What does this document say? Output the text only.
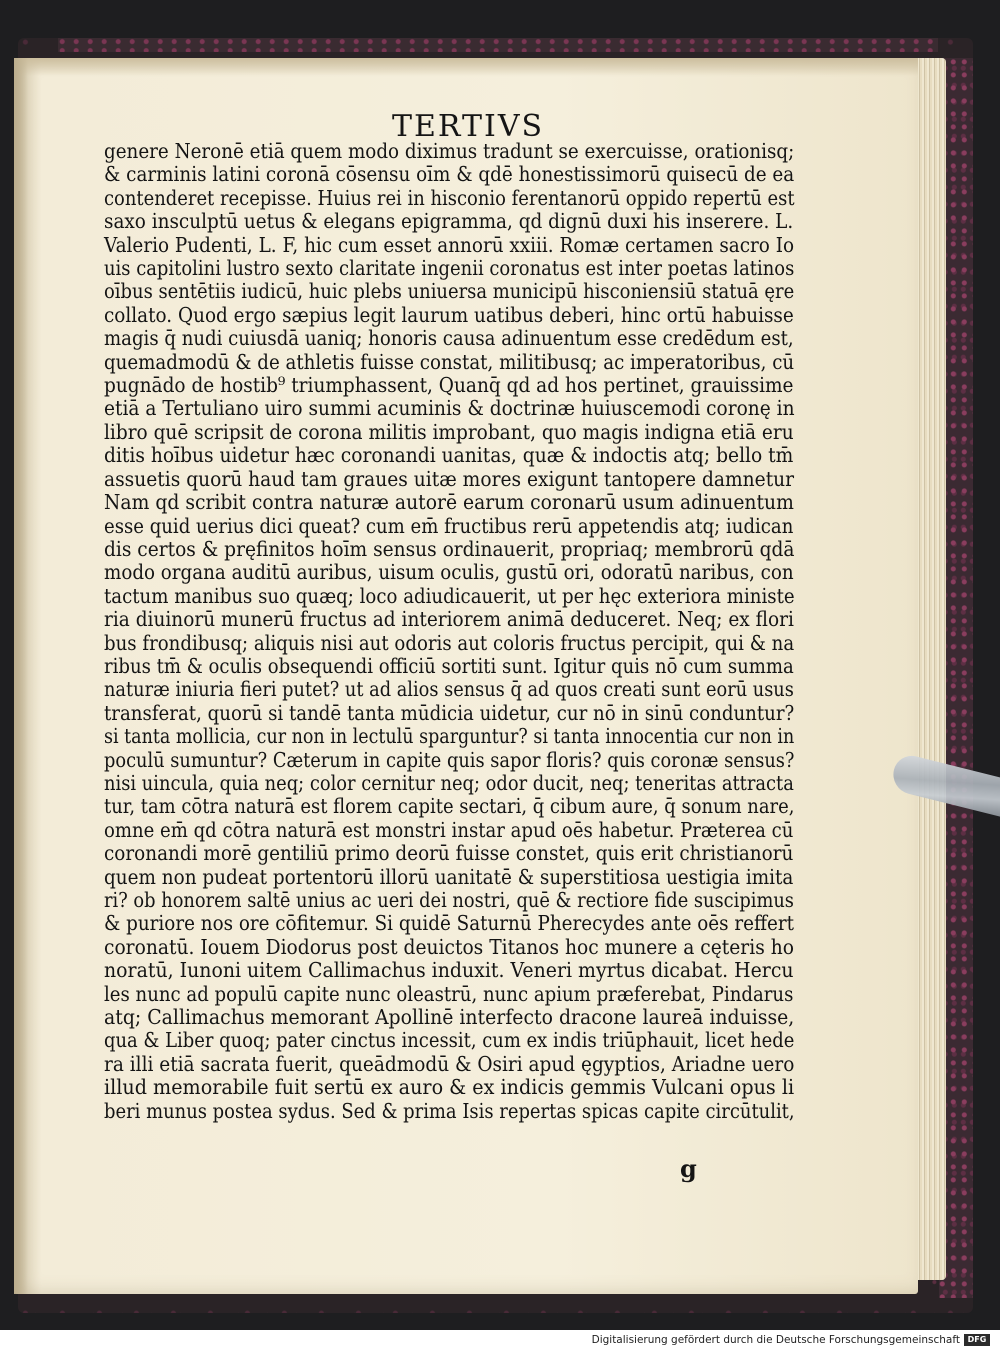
TERTIVS
genere Neronē etiā quem modo diximus tradunt se exercuisse, orationisq;
& carminis latini coronā cōsensu oīm & qdē honestissimorū quisecū de ea
contenderet recepisse. Huius rei in hisconio ferentanorū oppido repertū est
saxo insculptū uetus & elegans epigramma, qd dignū duxi his inserere. L.
Valerio Pudenti, L. F, hic cum esset annorū xxiii. Romæ certamen sacro Io
uis capitolini lustro sexto claritate ingenii coronatus est inter poetas latinos
oībus sentētiis iudicū, huic plebs uniuersa municipū hisconiensiū statuā ęre
collato. Quod ergo sæpius legit laurum uatibus deberi, hinc ortū habuisse
magis q̄ nudi cuiusdā uaniq; honoris causa adinuentum esse credēdum est,
quemadmodū & de athletis fuisse constat, militibusq; ac imperatoribus, cū
pugnādo de hostib⁹ triumphassent, Quanq̄ qd ad hos pertinet, grauissime
etiā a Tertuliano uiro summi acuminis & doctrinæ huiuscemodi coronę in
libro quē scripsit de corona militis improbant, quo magis indigna etiā eru
ditis hoībus uidetur hæc coronandi uanitas, quæ & indoctis atq; bello tm̄
assuetis quorū haud tam graues uitæ mores exigunt tantopere damnetur
Nam qd scribit contra naturæ autorē earum coronarū usum adinuentum
esse quid uerius dici queat? cum em̄ fructibus rerū appetendis atq; iudican
dis certos & pręfinitos hoīm sensus ordinauerit, propriaq; membrorū qdā
modo organa auditū auribus, uisum oculis, gustū ori, odoratū naribus, con
tactum manibus suo quæq; loco adiudicauerit, ut per hęc exteriora ministe
ria diuinorū munerū fructus ad interiorem animā deduceret. Neq; ex flori
bus frondibusq; aliquis nisi aut odoris aut coloris fructus percipit, qui & na
ribus tm̄ & oculis obsequendi officiū sortiti sunt. Igitur quis nō cum summa
naturæ iniuria fieri putet? ut ad alios sensus q̄ ad quos creati sunt eorū usus
transferat, quorū si tandē tanta mūdicia uidetur, cur nō in sinū conduntur?
si tanta mollicia, cur non in lectulū sparguntur? si tanta innocentia cur non in
poculū sumuntur? Cæterum in capite quis sapor floris? quis coronæ sensus?
nisi uincula, quia neq; color cernitur neq; odor ducit, neq; teneritas attracta
tur, tam cōtra naturā est florem capite sectari, q̄ cibum aure, q̄ sonum nare,
omne em̄ qd cōtra naturā est monstri instar apud oēs habetur. Præterea cū
coronandi morē gentiliū primo deorū fuisse constet, quis erit christianorū
quem non pudeat portentorū illorū uanitatē & superstitiosa uestigia imita
ri? ob honorem saltē unius ac ueri dei nostri, quē & rectiore fide suscipimus
& puriore nos ore cōfitemur. Si quidē Saturnū Pherecydes ante oēs reffert
coronatū. Iouem Diodorus post deuictos Titanos hoc munere a cęteris ho
noratū, Iunoni uitem Callimachus induxit. Veneri myrtus dicabat. Hercu
les nunc ad populū capite nunc oleastrū, nunc apium præferebat, Pindarus
atq; Callimachus memorant Apollinē interfecto dracone laureā induisse,
qua & Liber quoq; pater cinctus incessit, cum ex indis triūphauit, licet hede
ra illi etiā sacrata fuerit, queādmodū & Osiri apud ęgyptios, Ariadne uero
illud memorabile fuit sertū ex auro & ex indicis gemmis Vulcani opus li
beri munus postea sydus. Sed & prima Isis repertas spicas capite circūtulit,
g
Digitalisierung gefördert durch die Deutsche Forschungsgemeinschaft DFG
